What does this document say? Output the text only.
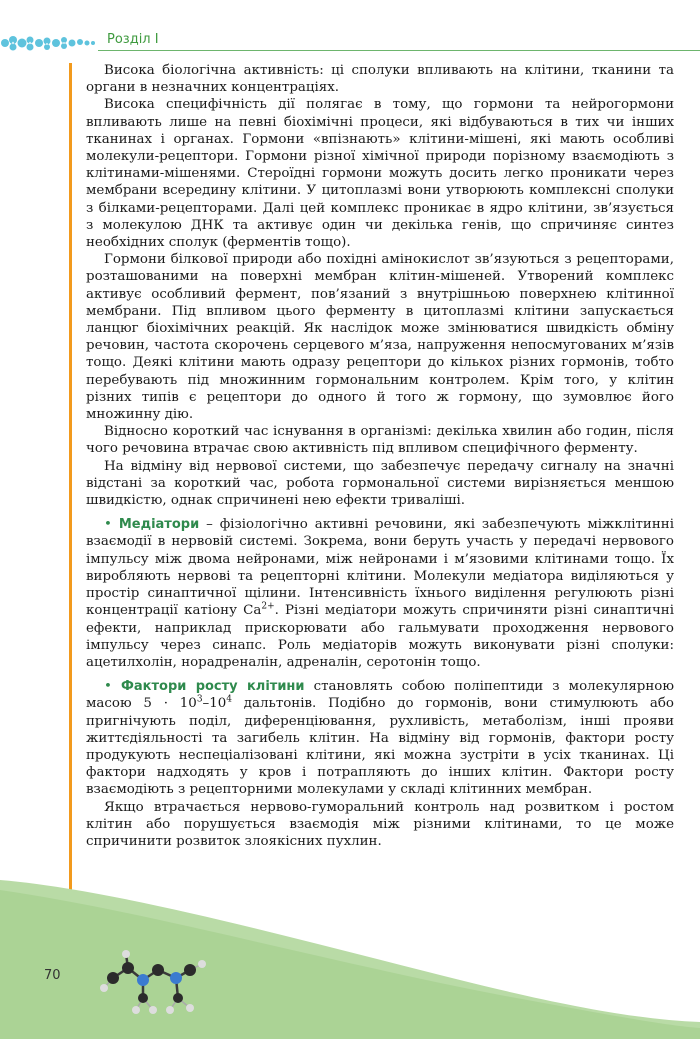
Розділ І

Висока біологічна активність: ці сполуки впливають на клітини, тканини та органи в незначних концентраціях.

Висока специфічність дії полягає в тому, що гормони та нейрогормони впливають лише на певні біохімічні процеси, які відбуваються в тих чи інших тканинах і органах. Гормони «впізнають» клітини-мішені, які мають особливі молекули-рецептори. Гормони різної хімічної природи порізному взаємодіють з клітинами-мішенями. Стероїдні гормони можуть досить легко проникати через мембрани всередину клітини. У цитоплазмі вони утворюють комплексні сполуки з білками-рецепторами. Далі цей комплекс проникає в ядро клітини, зв’язується з молекулою ДНК та активує один чи декілька генів, що спричиняє синтез необхідних сполук (ферментів тощо).

Гормони білкової природи або похідні амінокислот зв’язуються з рецепторами, розташованими на поверхні мембран клітин-мішеней. Утворений комплекс активує особливий фермент, пов’язаний з внутрішньою поверхнею клітинної мембрани. Під впливом цього ферменту в цитоплазмі клітини запускається ланцюг біохімічних реакцій. Як наслідок може змінюватися швидкість обміну речовин, частота скорочень серцевого м’яза, напруження непосмугованих м’язів тощо. Деякі клітини мають одразу рецептори до кількох різних гормонів, тобто перебувають під множинним гормональним контролем. Крім того, у клітин різних типів є рецептори до одного й того ж гормону, що зумовлює його множинну дію.

Відносно короткий час існування в організмі: декілька хвилин або годин, після чого речовина втрачає свою активність під впливом специфічного ферменту.

На відміну від нервової системи, що забезпечує передачу сигналу на значні відстані за короткий час, робота гормональної системи вирізняється меншою швидкістю, однак спричинені нею ефекти триваліші.

• Медіатори – фізіологічно активні речовини, які забезпечують міжклітинні взаємодії в нервовій системі. Зокрема, вони беруть участь у передачі нервового імпульсу між двома нейронами, між нейронами і м’язовими клітинами тощо. Їх виробляють нервові та рецепторні клітини. Молекули медіатора виділяються у простір синаптичної щілини. Інтенсивність їхнього виділення регулюють різні концентрації катіону $Ca^{2+}$. Різні медіатори можуть спричиняти різні синаптичні ефекти, наприклад прискорювати або гальмувати проходження нервового імпульсу через синапс. Роль медіаторів можуть виконувати різні сполуки: ацетилхолін, норадреналін, адреналін, серотонін тощо.

• Фактори росту клітини становлять собою поліпептиди з молекулярною масою $5 \cdot 10^3-10^4$ дальтонів. Подібно до гормонів, вони стимулюють або пригнічують поділ, диференціювання, рухливість, метаболізм, інші прояви життєдіяльності та загибель клітин. На відміну від гормонів, фактори росту продукують неспеціалізовані клітини, які можна зустріти в усіх тканинах. Ці фактори надходять у кров і потрапляють до інших клітин. Фактори росту взаємодіють з рецепторними молекулами у складі клітинних мембран.

Якщо втрачається нервово-гуморальний контроль над розвитком і ростом клітин або порушується взаємодія між різними клітинами, то це може спричинити розвиток злоякісних пухлин.

70
